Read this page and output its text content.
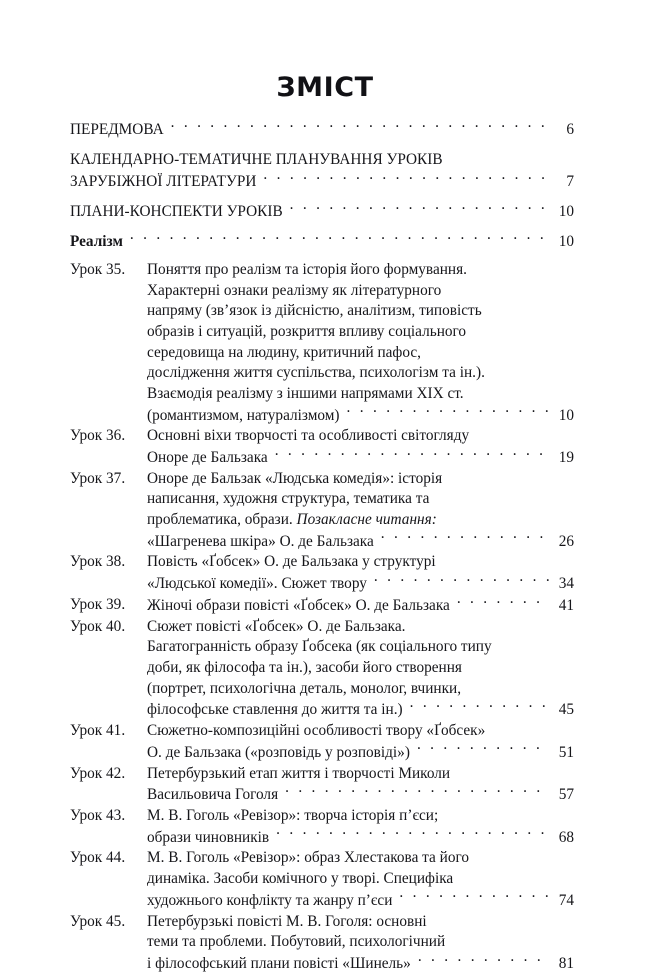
ЗМІСТ
ПЕРЕДМОВА .....	6
КАЛЕНДАРНО-ТЕМАТИЧНЕ ПЛАНУВАННЯ УРОКІВ
ЗАРУБІЖНОЇ ЛІТЕРАТУРИ .....	7
ПЛАНИ-КОНСПЕКТИ УРОКІВ .....	10
Реалізм .....	10
Урок 35.	Поняття про реалізм та історія його формування.
Характерні ознаки реалізму як літературного
напряму (зв’язок із дійсністю, аналітизм, типовість
образів і ситуацій, розкриття впливу соціального
середовища на людину, критичний пафос,
дослідження життя суспільства, психологізм та ін.).
Взаємодія реалізму з іншими напрямами XIX ст.
(романтизмом, натуралізмом) .....	10
Урок 36.	Основні віхи творчості та особливості світогляду
Оноре де Бальзака .....	19
Урок 37.	Оноре де Бальзак «Людська комедія»: історія
написання, художня структура, тематика та
проблематика, образи. Позакласне читання:
«Шагренева шкіра» О. де Бальзака .....	26
Урок 38.	Повість «Ґобсек» О. де Бальзака у структурі
«Людської комедії». Сюжет твору .....	34
Урок 39.	Жіночі образи повісті «Ґобсек» О. де Бальзака .....	41
Урок 40.	Сюжет повісті «Ґобсек» О. де Бальзака.
Багатогранність образу Ґобсека (як соціального типу
доби, як філософа та ін.), засоби його створення
(портрет, психологічна деталь, монолог, вчинки,
філософське ставлення до життя та ін.) .....	45
Урок 41.	Сюжетно-композиційні особливості твору «Ґобсек»
О. де Бальзака («розповідь у розповіді») .....	51
Урок 42.	Петербурзький етап життя і творчості Миколи
Васильовича Гоголя .....	57
Урок 43.	М. В. Гоголь «Ревізор»: творча історія п’єси;
образи чиновників .....	68
Урок 44.	М. В. Гоголь «Ревізор»: образ Хлестакова та його
динаміка. Засоби комічного у творі. Специфіка
художнього конфлікту та жанру п’єси .....	74
Урок 45.	Петербурзькі повісті М. В. Гоголя: основні
теми та проблеми. Побутовий, психологічний
і філософський плани повісті «Шинель» .....	81
